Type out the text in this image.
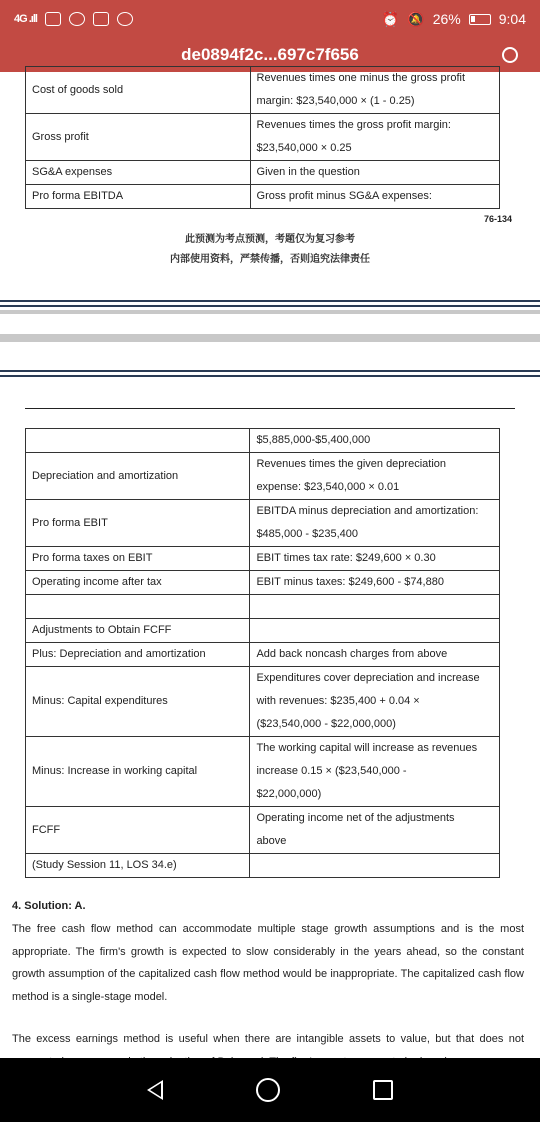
4G .ıll	⏰ 🔕 26%	9:04
de0894f2c...697c7f656
Cost of goods sold	Revenues times one minus the gross profit
margin: $23,540,000 × (1 - 0.25)

Gross profit	Revenues times the gross profit margin:
$23,540,000 × 0.25

SG&A expenses	Given in the question

Pro forma EBITDA	Gross profit minus SG&A expenses:
76-134
此预测为考点预测，考题仅为复习参考
内部使用资料，严禁传播，否则追究法律责任

	$5,885,000-$5,400,000

Depreciation and amortization	Revenues times the given depreciation
expense: $23,540,000 × 0.01

Pro forma EBIT	EBITDA minus depreciation and amortization:
$485,000 - $235,400

Pro forma taxes on EBIT	EBIT times tax rate: $249,600 × 0.30

Operating income after tax	EBIT minus taxes: $249,600 - $74,880

Adjustments to Obtain FCFF	

Plus: Depreciation and amortization	Add back noncash charges from above

Minus: Capital expenditures	Expenditures cover depreciation and increase
with revenues: $235,400 + 0.04 ×
($23,540,000 - $22,000,000)

Minus: Increase in working capital	The working capital will increase as revenues
increase 0.15 × ($23,540,000 -
$22,000,000)

FCFF	Operating income net of the adjustments
above

(Study Session 11, LOS 34.e)	
4. Solution: A.
The free cash flow method can accommodate multiple stage growth assumptions and is the most appropriate. The firm's growth is expected to slow considerably in the years ahead, so the constant growth assumption of the capitalized cash flow method would be inappropriate. The capitalized cash flow method is a single-stage model.
The excess earnings method is useful when there are intangible assets to value, but that does not
